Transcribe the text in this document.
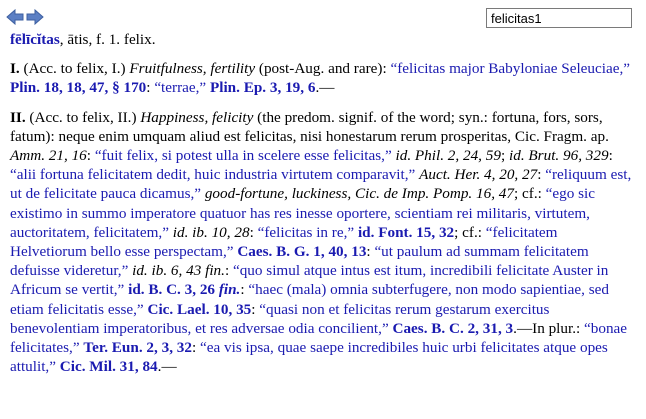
felicitas1
fēlīcĭtas, ātis, f. 1. felix.
I. (Acc. to felix, I.) Fruitfulness, fertility (post-Aug. and rare): “felicitas major Babyloniae Seleuciae,” Plin. 18, 18, 47, § 170: “terrae,” Plin. Ep. 3, 19, 6.—
II. (Acc. to felix, II.) Happiness, felicity (the predom. signif. of the word; syn.: fortuna, fors, sors, fatum): neque enim umquam aliud est felicitas, nisi honestarum rerum prosperitas, Cic. Fragm. ap. Amm. 21, 16: “fuit felix, si potest ulla in scelere esse felicitas,” id. Phil. 2, 24, 59; id. Brut. 96, 329: “alii fortuna felicitatem dedit, huic industria virtutem comparavit,” Auct. Her. 4, 20, 27: “reliquum est, ut de felicitate pauca dicamus,” good-fortune, luckiness, Cic. de Imp. Pomp. 16, 47; cf.: “ego sic existimo in summo imperatore quatuor has res inesse oportere, scientiam rei militaris, virtutem, auctoritatem, felicitatem,” id. ib. 10, 28: “felicitas in re,” id. Font. 15, 32; cf.: “felicitatem Helvetiorum bello esse perspectam,” Caes. B. G. 1, 40, 13: “ut paulum ad summam felicitatem defuisse videretur,” id. ib. 6, 43 fin.: “quo simul atque intus est itum, incredibili felicitate Auster in Africum se vertit,” id. B. C. 3, 26 fin.: “haec (mala) omnia subterfugere, non modo sapientiae, sed etiam felicitatis esse,” Cic. Lael. 10, 35: “quasi non et felicitas rerum gestarum exercitus benevolentiam imperatoribus, et res adversae odia concilient,” Caes. B. C. 2, 31, 3.—In plur.: “bonae felicitates,” Ter. Eun. 2, 3, 32: “ea vis ipsa, quae saepe incredibiles huic urbi felicitates atque opes attulit,” Cic. Mil. 31, 84.—
